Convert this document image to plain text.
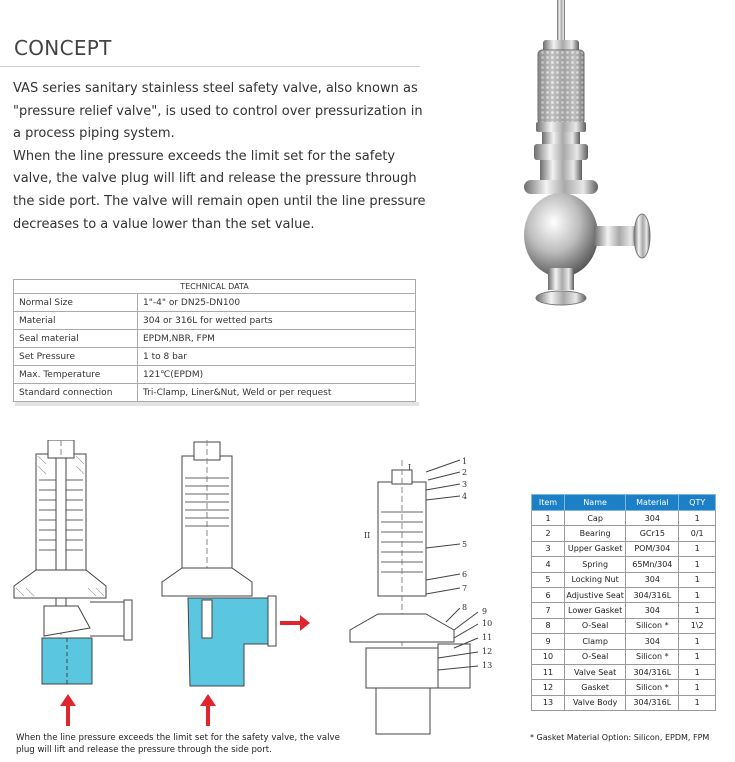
CONCEPT

VAS series sanitary stainless steel safety valve, also known as "pressure relief valve", is used to control over pressurization in a process piping system.

When the line pressure exceeds the limit set for the safety valve, the valve plug will lift and release the pressure through the side port. The valve will remain open until the line pressure decreases to a value lower than the set value.

TECHNICAL DATA	
Normal Size	1"-4" or DN25-DN100
Material	304 or 316L for wetted parts
Seal material	EPDM,NBR, FPM
Set Pressure	1 to 8 bar
Max. Temperature	121℃(EPDM)
Standard connection	Tri-Clamp, Liner&Nut, Weld or per request
I
II
1
2
3
4
5
6
7
8 9
10
11
12
13
When the line pressure exceeds the limit set for the safety valve, the valve plug will lift and release the pressure through the side port.
Item	Name	Material	QTY
1	Cap	304	1
2	Bearing	GCr15	0/1
3	Upper Gasket	POM/304	1
4	Spring	65Mn/304	1
5	Locking Nut	304	1
6	Adjustive Seat	304/316L	1
7	Lower Gasket	304	1
8	O-Seal	Silicon *	1\2
9	Clamp	304	1
10	O-Seal	Silicon *	1
11	Valve Seat	304/316L	1
12	Gasket	Silicon *	1
13	Valve Body	304/316L	1
* Gasket Material Option: Silicon, EPDM, FPM
